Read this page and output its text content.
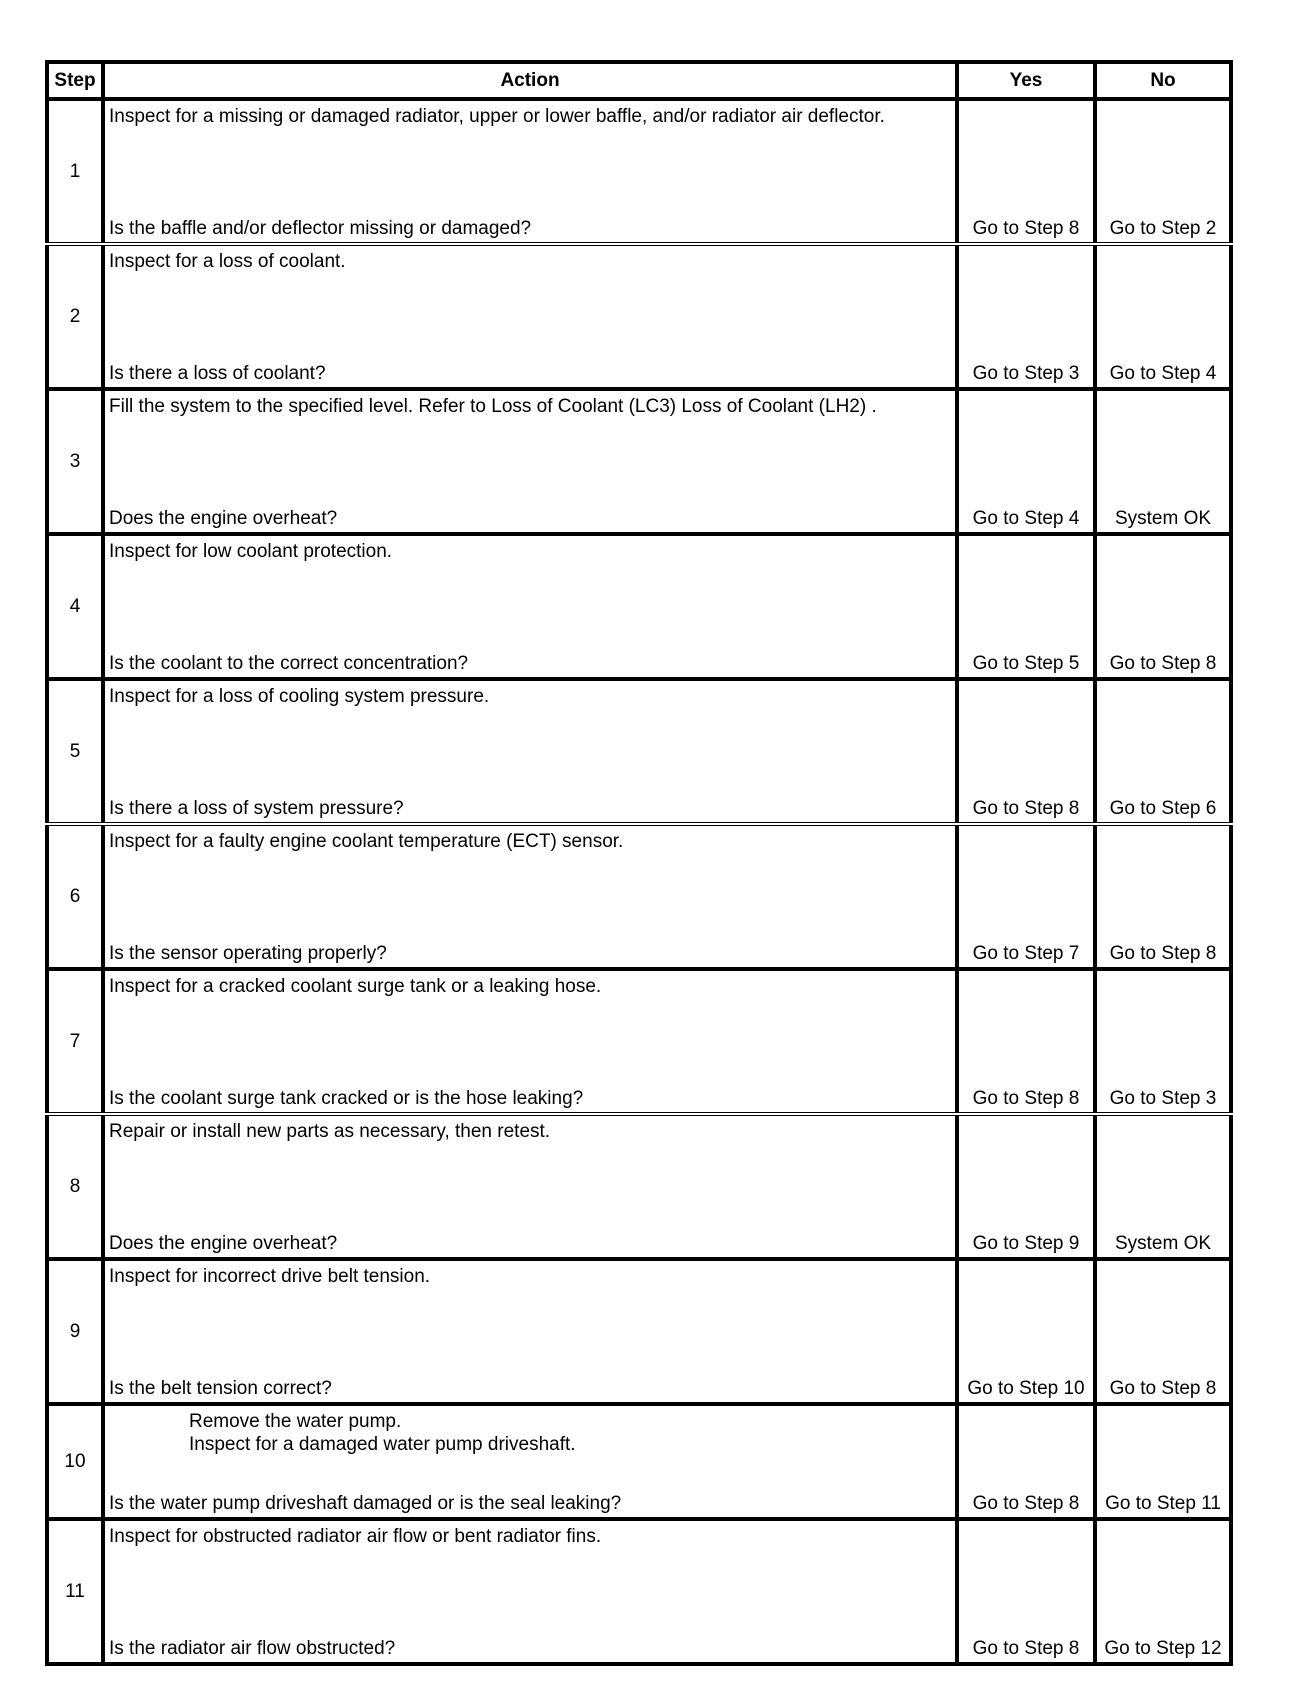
Step	Action	Yes	No
1	Inspect for a missing or damaged radiator, upper or lower baffle, and/or radiator air deflector.
Is the baffle and/or deflector missing or damaged?	Go to Step 8	Go to Step 2

2	Inspect for a loss of coolant.
Is there a loss of coolant?	Go to Step 3	Go to Step 4

3	Fill the system to the specified level. Refer to Loss of Coolant (LC3) Loss of Coolant (LH2) .
Does the engine overheat?	Go to Step 4	System OK

4	Inspect for low coolant protection.
Is the coolant to the correct concentration?	Go to Step 5	Go to Step 8

5	Inspect for a loss of cooling system pressure.
Is there a loss of system pressure?	Go to Step 8	Go to Step 6

6	Inspect for a faulty engine coolant temperature (ECT) sensor.
Is the sensor operating properly?	Go to Step 7	Go to Step 8

7	Inspect for a cracked coolant surge tank or a leaking hose.
Is the coolant surge tank cracked or is the hose leaking?	Go to Step 8	Go to Step 3

8	Repair or install new parts as necessary, then retest.
Does the engine overheat?	Go to Step 9	System OK

9	Inspect for incorrect drive belt tension.
Is the belt tension correct?	Go to Step 10	Go to Step 8

10	Remove the water pump.
Inspect for a damaged water pump driveshaft.
Is the water pump driveshaft damaged or is the seal leaking?	Go to Step 8	Go to Step 11

11	Inspect for obstructed radiator air flow or bent radiator fins.
Is the radiator air flow obstructed?	Go to Step 8	Go to Step 12
